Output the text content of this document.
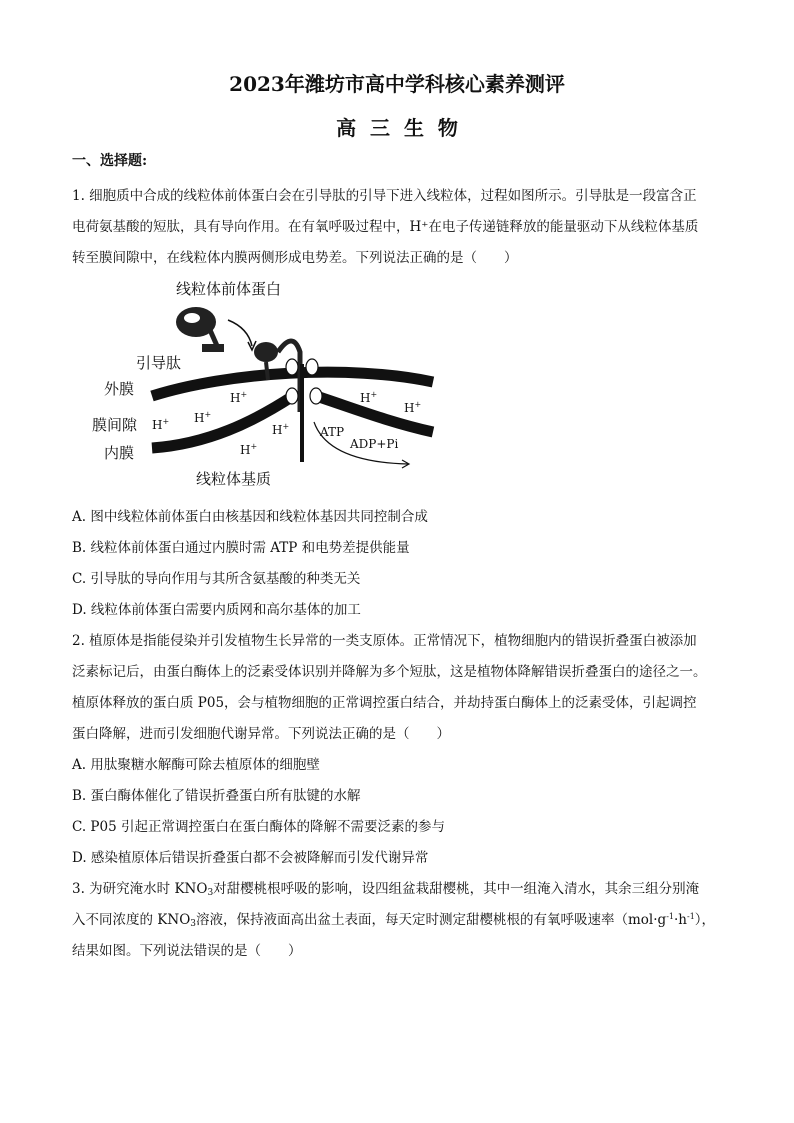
2023年潍坊市高中学科核心素养测评
高  三  生  物
一、选择题:
1. 细胞质中合成的线粒体前体蛋白会在引导肽的引导下进入线粒体，过程如图所示。引导肽是一段富含正
电荷氨基酸的短肽，具有导向作用。在有氧呼吸过程中，H⁺在电子传递链释放的能量驱动下从线粒体基质
转至膜间隙中，在线粒体内膜两侧形成电势差。下列说法正确的是（　　）
线粒体前体蛋白
引导肽
外膜
膜间隙
内膜
线粒体基质
H+ H+
H+
H+
H+
H+
H+
ATP
ADP+Pi
A. 图中线粒体前体蛋白由核基因和线粒体基因共同控制合成
B. 线粒体前体蛋白通过内膜时需 ATP 和电势差提供能量
C. 引导肽的导向作用与其所含氨基酸的种类无关
D. 线粒体前体蛋白需要内质网和高尔基体的加工
2. 植原体是指能侵染并引发植物生长异常的一类支原体。正常情况下，植物细胞内的错误折叠蛋白被添加
泛素标记后，由蛋白酶体上的泛素受体识别并降解为多个短肽，这是植物体降解错误折叠蛋白的途径之一。
植原体释放的蛋白质 P05，会与植物细胞的正常调控蛋白结合，并劫持蛋白酶体上的泛素受体，引起调控
蛋白降解，进而引发细胞代谢异常。下列说法正确的是（　　）
A. 用肽聚糖水解酶可除去植原体的细胞壁
B. 蛋白酶体催化了错误折叠蛋白所有肽键的水解
C. P05 引起正常调控蛋白在蛋白酶体的降解不需要泛素的参与
D. 感染植原体后错误折叠蛋白都不会被降解而引发代谢异常
3. 为研究淹水时 $KNO_3$对甜樱桃根呼吸的影响，设四组盆栽甜樱桃，其中一组淹入清水，其余三组分别淹
入不同浓度的 $KNO_3$溶液，保持液面高出盆土表面，每天定时测定甜樱桃根的有氧呼吸速率$(mol\cdot g^{-1}\cdot h^{-1})$，
结果如图。下列说法错误的是（　　）
